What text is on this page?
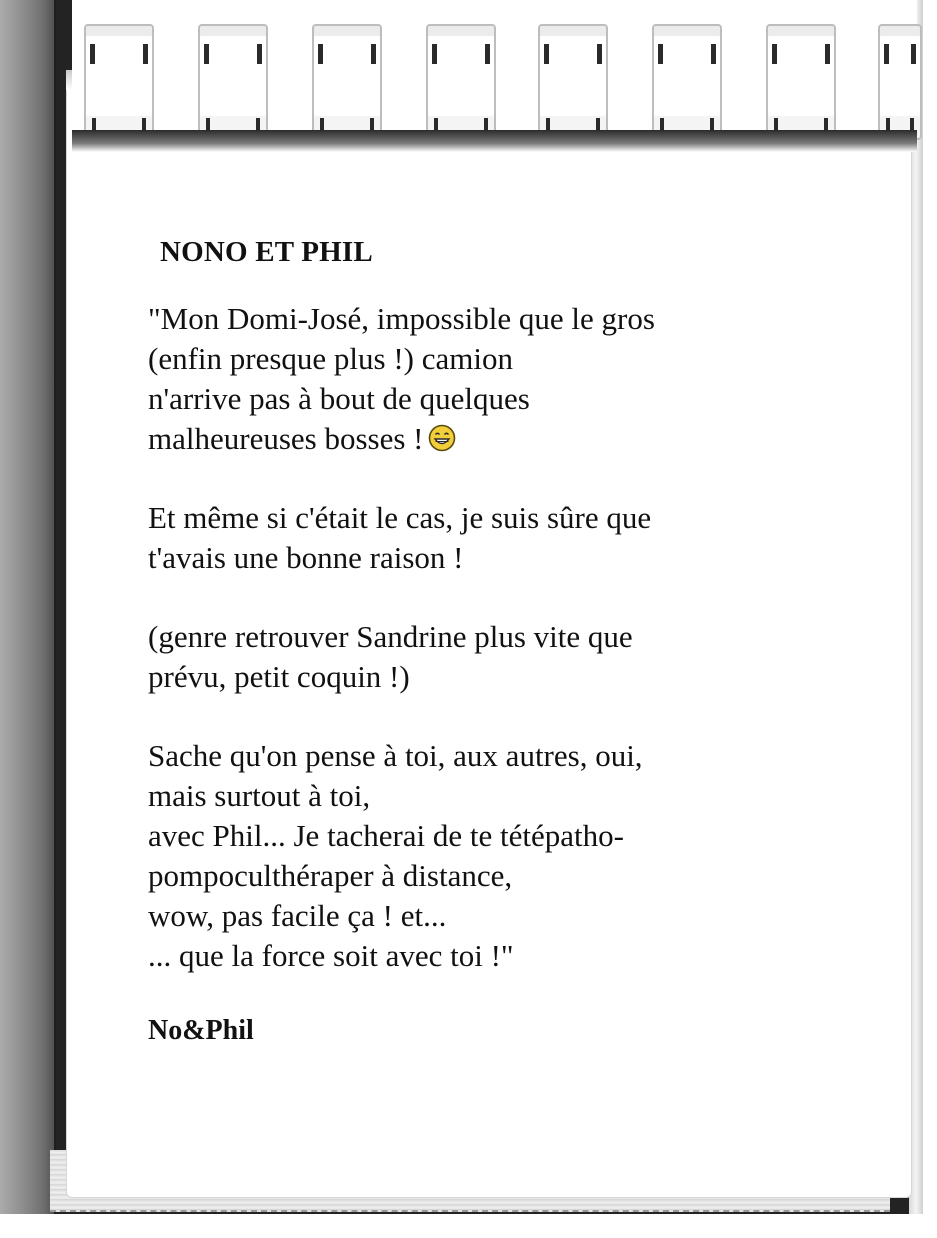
NONO ET PHIL
"Mon Domi-José, impossible que le gros
(enfin presque plus !) camion
n'arrive pas à bout de quelques
malheureuses bosses !
Et même si c'était le cas, je suis sûre que
t'avais une bonne raison !
(genre retrouver Sandrine plus vite que
prévu, petit coquin !)
Sache qu'on pense à toi, aux autres, oui,
mais surtout à toi,
avec Phil... Je tacherai de te tétépatho-
pompoculthéraper à distance,
wow, pas facile ça ! et...
... que la force soit avec toi !"
No&Phil
